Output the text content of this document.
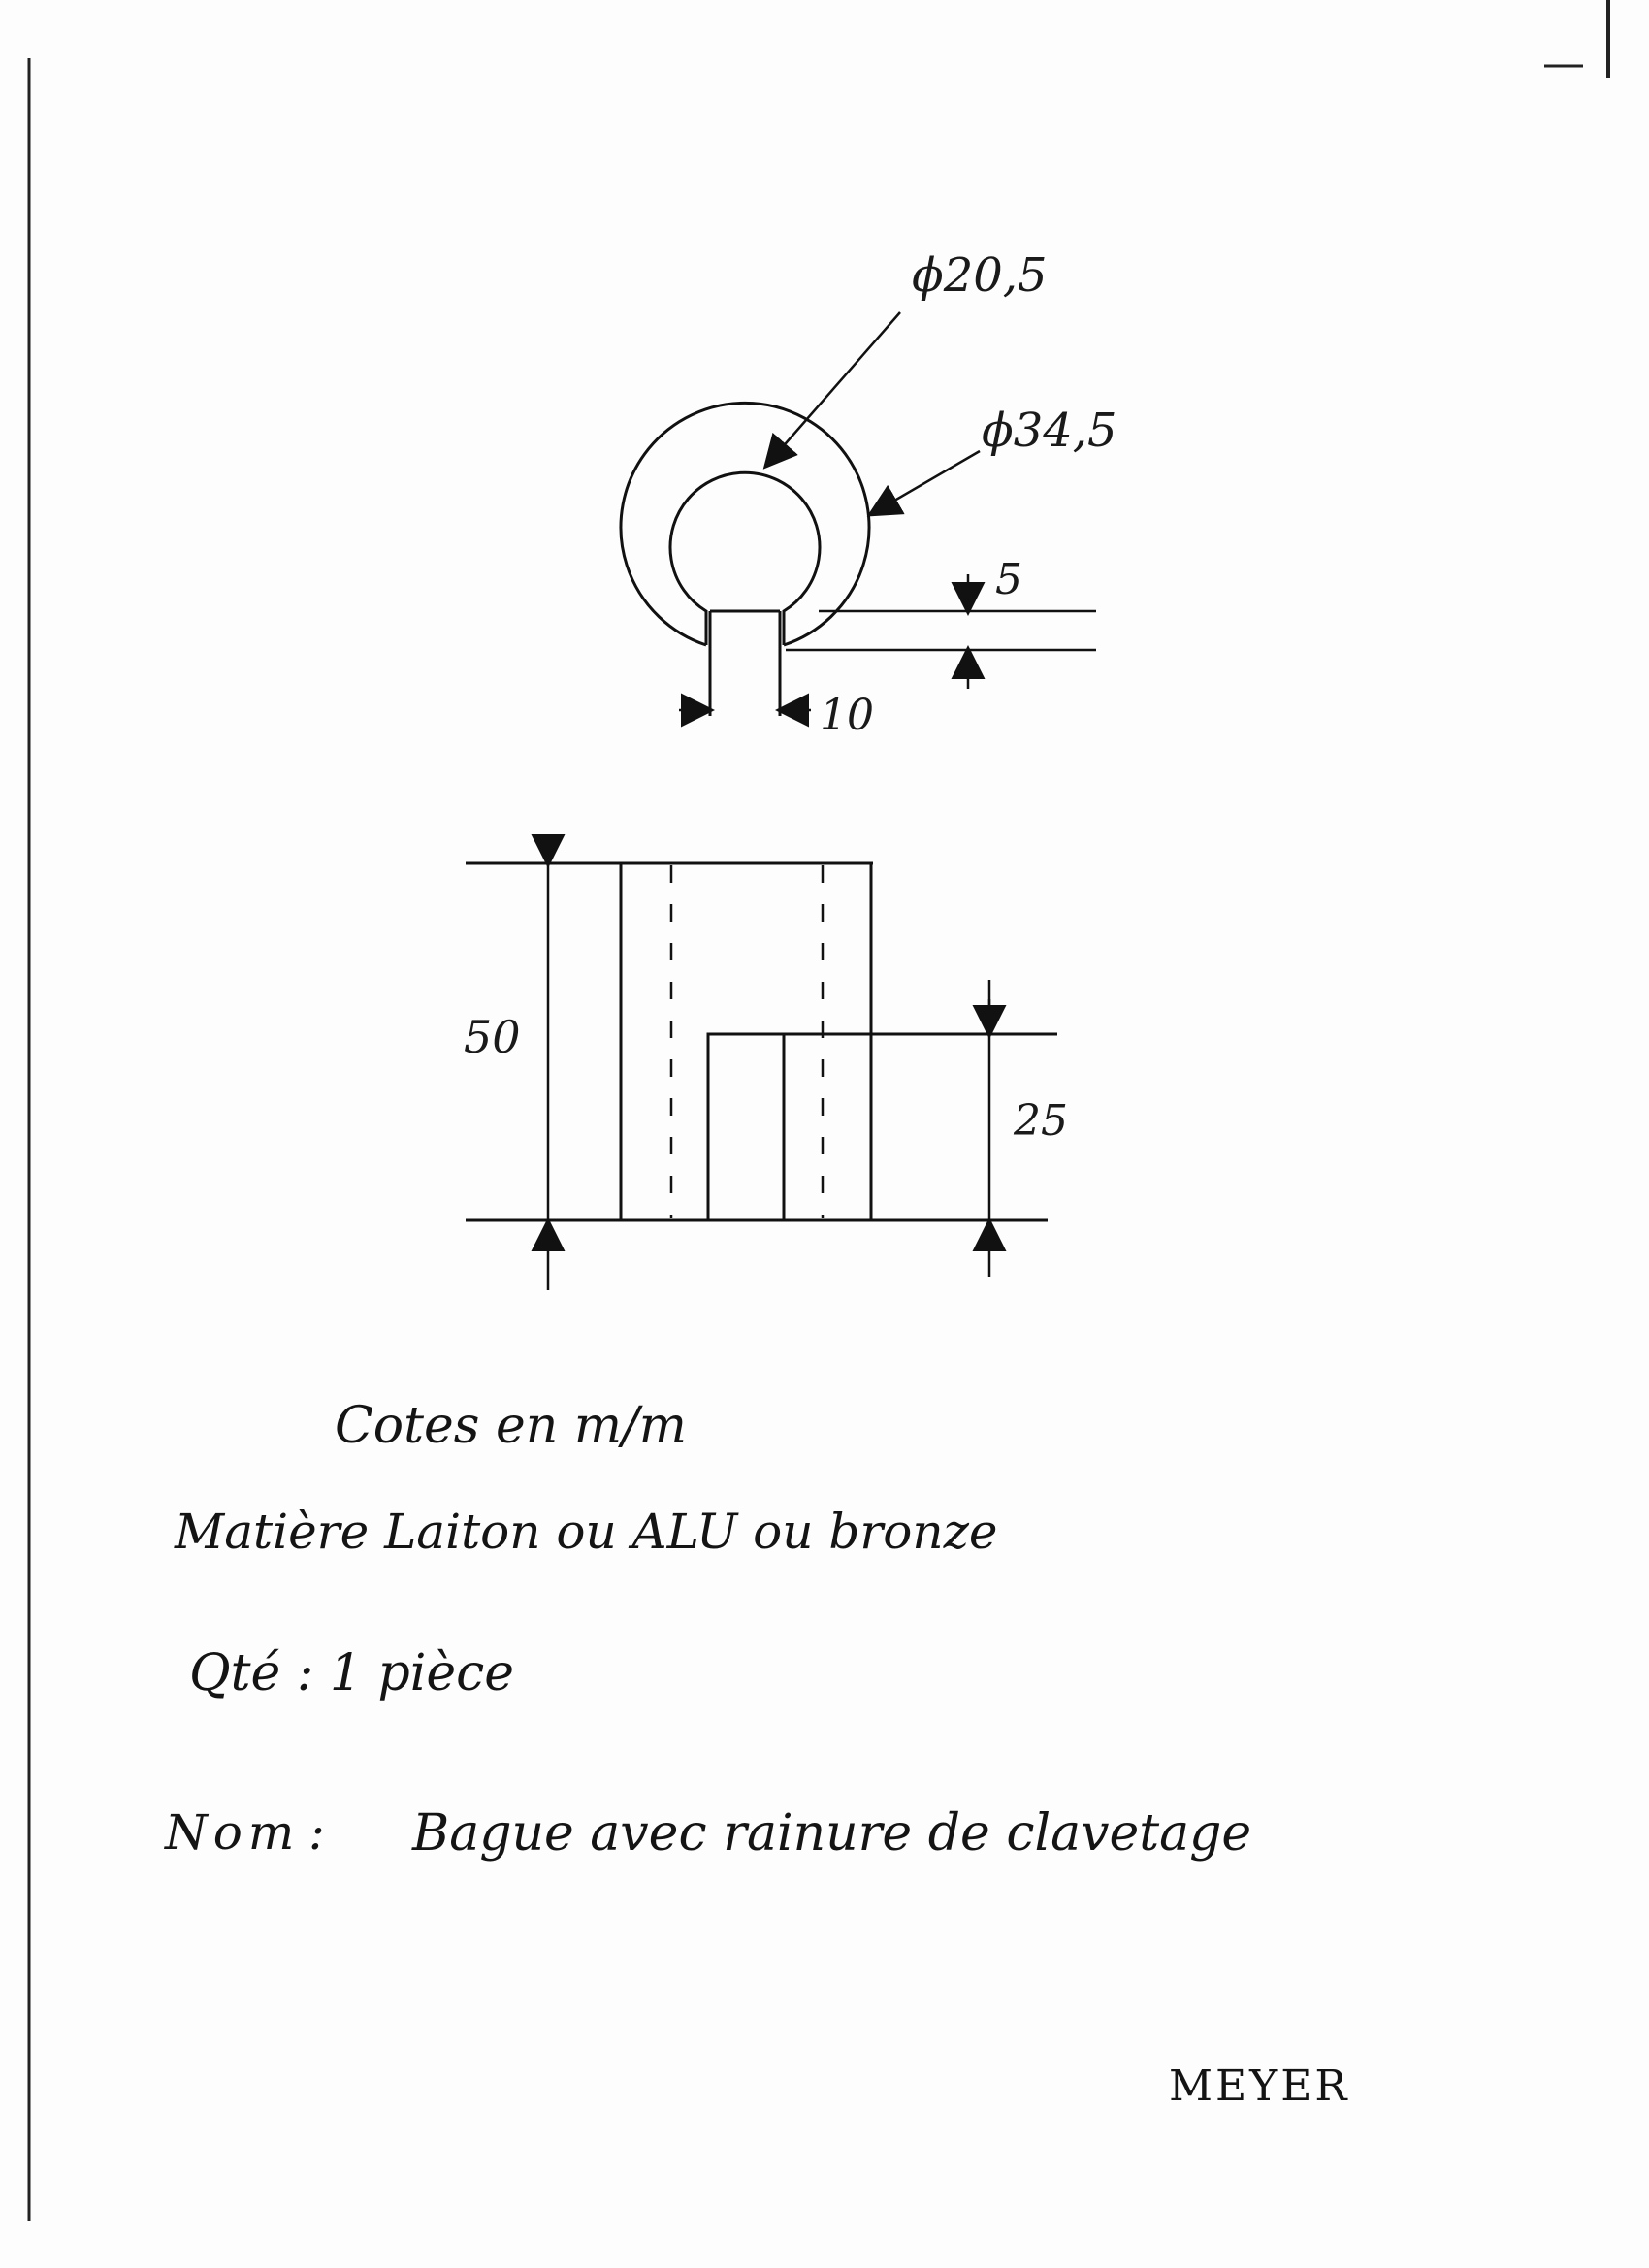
ϕ20,5
ϕ34,5
5
10
50
25
Cotes en m/m
Matière Laiton ou ALU ou bronze
Qté : 1 pièce
Nom : Bague avec rainure de clavetage
MEYER
